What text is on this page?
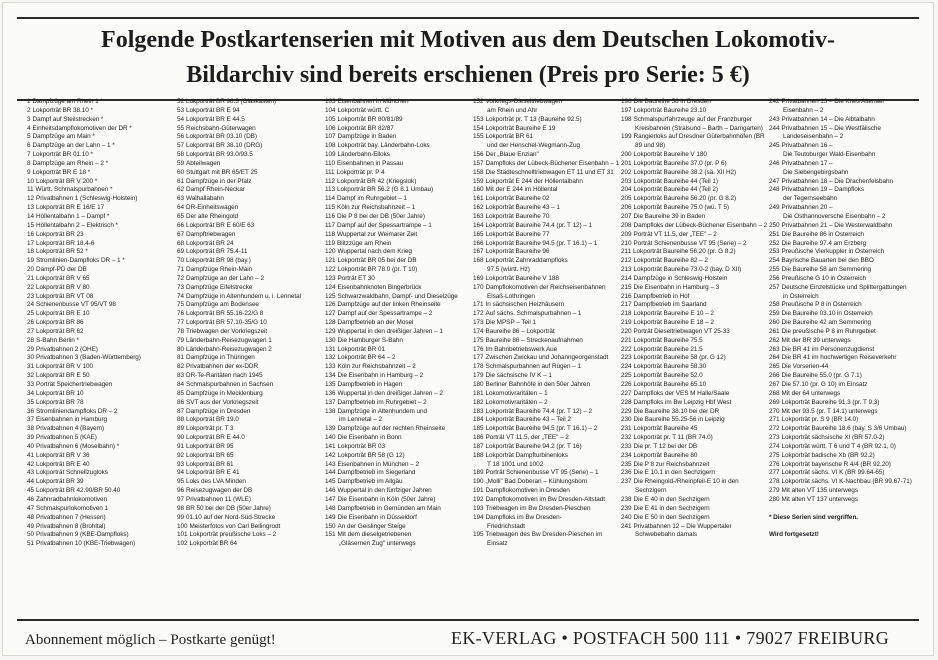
Folgende Postkartenserien mit Motiven aus dem Deutschen Lokomotiv-
Bildarchiv sind bereits erschienen (Preis pro Serie: 5 €)
1 Dampfzüge am Rhein 1 *
2 Lokporträt BR 38.10 *
3 Dampf auf Steilstrecken *
4 Einheitsdampflokomotiven der DR *
5 Dampfzüge am Main *
6 Dampfzüge an der Lahn – 1 *
7 Lokporträt BR 01.10 *
8 Dampfzüge am Rhein – 2 *
9 Lokporträt BR E 18 *
10 Lokporträt BR V 200 *
11 Württ. Schmalspurbahnen *
12 Privatbahnen 1 (Schleswig-Holstein)
13 Lokporträt BR E 16/E 17
14 Höllentalbahn 1 – Dampf *
15 Höllentalbahn 2 – Elektrisch *
16 Lokporträt BR 23
17 Lokporträt BR 18.4-6
18 Lokporträt BR 52 *
19 Stromlinien-Dampfloks DR – 1 *
20 Dampf-PD der DB
21 Lokporträt BR V 65
22 Lokporträt BR V 80
23 Lokporträt BR VT 08
24 Schienenbusse VT 95/VT 98
25 Lokporträt BR E 10
26 Lokporträt BR 86
27 Lokporträt BR 62
28 S-Bahn Berlin *
29 Privatbahnen 2 (OHE)
30 Privatbahnen 3 (Baden-Württemberg)
31 Lokporträt BR V 100
32 Lokporträt BR E 50
33 Porträt Speichertriebwagen
34 Lokporträt BR 10
35 Lokporträt BR 78
36 Stromliniendampfloks DR – 2
37 Eisenbahnen in Hamburg
38 Privatbahnen 4 (Bayern)
39 Privatbahnen 5 (KAE)
40 Privatbahnen 6 (Moselbahn) *
41 Lokporträt BR V 36
42 Lokporträt BR E 40
43 Lokporträt Schnellzugloks
44 Lokporträt BR 39
45 Lokporträt BR 42.90/BR 50.40
46 Zahnradbahnlokomotiven
47 Schmalspurlokomotiven 1
48 Privatbahnen 7 (Hessen)
49 Privatbahnen 8 (Brohltal)
50 Privatbahnen 9 (KBE-Dampfloks)
51 Privatbahnen 10 (KBE-Triebwagen)
52 Lokporträt BR 98.3 (Glaskasten)
53 Lokporträt BR E 94
54 Lokporträt BR E 44.5
55 Reichsbahn-Güterwagen
56 Lokporträt BR 03.10 (DB)
57 Lokporträt BR 38.10 (DRG)
58 Lokporträt BR 93.0/93.5
59 Abteilwagen
60 Stuttgart mit BR 65/ET 25
61 Dampfzüge in der Pfalz
62 Dampf Rhein-Neckar
63 Walhallabahn
64 DR-Einheitswagen
65 Der alte Rheingold
66 Lokporträt BR E 60/E 63
67 Dampftriebwagen
68 Lokporträt BR 24
69 Lokporträt BR 75.4-11
70 Lokporträt BR 98 (bay.)
71 Dampfzüge Rhein-Main
72 Dampfzüge an der Lahn – 2
73 Dampfzüge Eifelstrecke
74 Dampfzüge in Altenhundem u. i. Lennetal
75 Dampfzüge am Bodensee
76 Lokporträt BR 55.16-22/G 8
77 Lokporträt BR 57.10-35/G 10
78 Triebwagen der Vorkriegszeit
79 Länderbahn-Reisezugwagen 1
80 Länderbahn-Reisezugwagen 2
81 Dampfzüge in Thüringen
82 Privatbahnen der ex-DDR
83 DR-Te-Raritäten nach 1945
84 Schmalspurbahnen in Sachsen
85 Dampfzüge in Mecklenburg
86 SVT aus der Vorkriegszeit
87 Dampfzüge in Dresden
88 Lokporträt BR 19.0
89 Lokporträt pr. T 3
90 Lokporträt BR E 44.0
91 Lokporträt BR 95
92 Lokporträt BR 65
93 Lokporträt BR 61
94 Lokporträt BR E 41
95 Loks des LVA Minden
96 Reisezugwagen der DB
97 Privatbahnen 11 (WLE)
98 BR 50 bei der DB (50er Jahre)
99 01.10 auf der Nord-Süd-Strecke
100 Meisterfotos von Carl Bellingrodt
101 Lokporträt preußische Loks – 2
102 Lokporträt BR 64
103 Eisenbahnen in München
104 Lokporträt württ. C
105 Lokporträt BR 80/81/89
106 Lokporträt BR 82/87
107 Dampfzüge in Baden
108 Lokporträt bay. Länderbahn-Loks
109 Länderbahn-Elloks
110 Eisenbahnen in Passau
111 Lokporträt pr. P 4
112 Lokporträt BR 42 (Kriegslok)
113 Lokporträt BR 56.2 (G 8.1 Umbau)
114 Dampf im Ruhrgebiet – 1
115 Köln zur Reichsbahnzeit – 1
116 Die P 8 bei der DB (50er Jahre)
117 Dampf auf der Spessartrampe – 1
118 Wuppertal zur Weimarer Zeit
119 Blitzzüge am Rhein
120 Wuppertal nach dem Krieg
121 Lokporträt BR 05 bei der DB
122 Lokporträt BR 78.0 (pr. T 10)
123 Porträt ET 30
124 Eisenbahnknoten Bingerbrück
125 Schwarzwaldbahn, Dampf- und Dieselzüge
126 Dampfzüge auf der linken Rheinseite
127 Dampf auf der Spessartrampe – 2
128 Dampfbetrieb an der Mosel
129 Wuppertal in den dreißiger Jahren – 1
130 Die Hamburger S-Bahn
131 Lokporträt BR 01
132 Lokporträt BR 64 – 2
133 Köln zur Reichsbahnzeit – 2
134 Die Eisenbahn in Hamburg – 2
135 Dampfbetrieb in Hagen
136 Wuppertal in den dreißiger Jahren – 2
137 Dampfbetrieb im Ruhrgebiet – 2
138 Dampfzüge in Altenhundem und
im Lennetal – 2
139 Dampfzüge auf der rechten Rheinseite
140 Die Eisenbahn in Bonn
141 Lokporträt BR 03
142 Lokporträt BR 58 (G 12)
143 Eisenbahnen in München – 2
144 Dampfbetrieb im Siegerland
145 Dampfbetrieb im Allgäu
146 Wuppertal in den fünfziger Jahren
147 Die Eisenbahn in Köln (50er Jahre)
148 Dampfbetrieb in Gemünden am Main
149 Die Eisenbahn in Düsseldorf
150 An der Geislinger Steige
151 Mit dem dieselgetriebenen
„Gläsernen Zug" unterwegs
152 Vorkriegs-Dieseltriebwagen
am Rhein und Ahr
153 Lokporträt pr. T 13 (Baureihe 92.5)
154 Lokporträt Baureihe E 19
155 Lokporträt BR 61
und der Henschel-Wegmann-Zug
156 Der „Blaue Enzian"
157 Dampfloks der Lübeck-Büchener Eisenbahn – 1
158 Die Städteschnelltriebwagen ET 11 und ET 31
159 Lokporträt E 244 der Höllentalbahn
160 Mit der E 244 im Höllental
161 Lokporträt Baureihe 02
162 Lokporträt Baureihe 43 – 1
163 Lokporträt Baureihe 70
164 Lokporträt Baureihe 74.4 (pr. T 12) – 1
165 Lokporträt Baureihe 77
166 Lokporträt Baureihe 94.5 (pr. T 16.1) – 1
167 Lokporträt Baureihe 96
168 Lokporträt Zahnraddampfloks
97.5 (württ. Hz)
169 Lokporträt Baureihe V 188
170 Dampflokomotiven der Reichseisenbahnen
Elsaß-Lothringen
171 In sächsischen Heizhäusern
172 Auf sächs. Schmalspurbahnen – 1
173 Die MPSP – Teil 1
174 Baureihe 86 – Lokporträt
175 Baureihe 86 – Streckenaufnahmen
176 Im Bahnbetriebswerk Aue
177 Zwischen Zwickau und Johanngeorgenstadt
178 Schmalspurbahnen auf Rügen – 1
179 Die sächsische IV K – 1
180 Berliner Bahnhöfe in den 50er Jahren
181 Lokomotivraritäten – 1
182 Lokomotivraritäten – 2
183 Lokporträt Baureihe 74.4 (pr. T 12) – 2
184 Lokporträt Baureihe 43 – Teil 2
185 Lokporträt Baureihe 94.5 (pr. T 16.1) – 2
186 Porträt VT 11.5, der „TEE" – 2
187 Lokporträt Baureihe 94.2 (pr. T 16)
188 Lokporträt Dampfturbinenloks
T 18 1001 und 1002
189 Porträt Schienenbusse VT 95 (Serie) – 1
190 „Molli" Bad Doberan – Kühlungsborn
191 Dampflokomotiven in Dresden
192 Dampflokomotiven im Bw Dresden-Altstadt
193 Triebwagen im Bw Dresden-Pieschen
194 Dampfloks im Bw Dresden-
Friedrichstadt
195 Triebwagen des Bw Dresden-Pieschen im
Einsatz
196 Die Baureihe 58 in Dresden
197 Lokporträt Baureihe 23.10
198 Schmalspurfahrzeuge auf der Franzburger
Kreisbahnen (Stralsund – Barth – Damgarten)
199 Rangierloks auf Dresdner Güterbahnhöfen (BR
89 und 98)
200 Lokporträt Baureihe V 180
201 Lokporträt Baureihe 37.0 (pr. P 6)
202 Lokporträt Baureihe 38.2 (sä. XII H2)
203 Lokporträt Baureihe 44 (Teil 1)
204 Lokporträt Baureihe 44 (Teil 2)
205 Lokporträt Baureihe 56.20 (pr. G 8.2)
206 Lokporträt Baureihe 75.0 (wü. T 5)
207 Die Baureihe 39 in Baden
208 Dampfloks der Lübeck-Büchener Eisenbahn – 2
209 Porträt VT 11.5, der „TEE" – 2
210 Porträt Schienenbusse VT 95 (Serie) – 2
211 Lokporträt Baureihe 56.20 (pr. G 8.2)
212 Lokporträt Baureihe 82 – 2
213 Lokporträt Baureihe 73.0-2 (bay. D XII)
214 Dampfzüge in Schleswig-Holstein
215 Die Eisenbahn in Hamburg – 3
216 Dampfbetrieb in Hof
217 Dampfbetrieb im Saarland
218 Lokporträt Baureihe E 10 – 2
219 Lokporträt Baureihe E 18 – 2
220 Porträt Dieseltriebwagen VT 25-33
221 Lokporträt Baureihe 75.5
222 Lokporträt Baureihe 21.5
223 Lokporträt Baureihe 58 (pr. G 12)
224 Lokporträt Baureihe 58.30
225 Lokporträt Baureihe 52.0
226 Lokporträt Baureihe 65.10
227 Dampfloks der VES M Halle/Saale
228 Dampfloks im Bw Leipzig Hbf West
229 Die Baureihe 38.10 bei der DR
230 Die Baureihe 55.25-56 in Leipzig
231 Lokporträt Baureihe 45
232 Lokporträt pr. T 11 (BR 74.0)
233 Die pr. T 12 bei der DB
234 Lokporträt Baureihe 80
235 Die P 8 zur Reichsbahnzeit
236 Die E 10.1 in den Sechzigern
237 Die Rheingold-/Rheinpfeil-E 10 in den
Sechzigern
238 Die E 40 in den Sechzigern
239 Die E 41 in den Sechzigern
240 Die E 50 in den Sechzigern
241 Privatbahnen 12 – Die Wuppertaler
Schwebebahn damals
242 Privatbahnen 13 – Die Kreis Altenaer
Eisenbahn – 2
243 Privatbahnen 14 – Die Albtalbahn
244 Privatbahnen 15 – Die Westfälische
Landeseisenbahn – 2
245 Privatbahnen 16 –
Die Teutoburger Wald-Eisenbahn
246 Privatbahnen 17 –
Die Siebengebirgsbahn
247 Privatbahnen 18 – Die Drachenfelsbahn
248 Privatbahnen 19 – Dampfloks
der Tegernseebahn
249 Privatbahnen 20 –
Die Osthannoversche Eisenbahn – 2
250 Privatbahnen 21 – Die Westerwaldbahn
251 Die Baureihe 86 in Österreich
252 Die Baureihe 97.4 am Erzberg
253 Preußische Vierkuppler in Österreich
254 Bayrische Bauarten bei den BBÖ
255 Die Baureihe 58 am Semmering
256 Preußische G 10 in Österreich
257 Deutsche Einzelstücke und Splittergattungen
in Österreich
258 Preußische P 8 in Österreich
259 Die Baureihe 03.10 in Österreich
260 Die Baureihe 42 am Semmering
261 Die preußische P 8 im Ruhrgebiet
262 Mit der BR 39 unterwegs
263 Die BR 41 im Personenzugdienst
264 Die BR 41 im hochwertigen Reiseverkehr
265 Die Vorserien-44
266 Die Baureihe 55.0 (pr. G 7.1)
267 Die 57.10 (pr. G 10) im Einsatz
268 Mit der 64 unterwegs
269 Lokporträt Baureihe 91.3 (pr. T 9.3)
270 Mit der 93.5 (pr. T 14.1) unterwegs
271 Lokporträt pr. S 9 (BR 14.0)
272 Lokporträt Baureihe 18.6 (bay. S 3/6 Umbau)
273 Lokporträt sächsische XI (BR 57.0-2)
274 Lokporträt württ. T 6 und T 4 (BR 92.1, 0)
275 Lokporträt badische Xb (BR 92.2)
276 Lokporträt bayerische R 4/4 (BR 92.20)
277 Lokporträt sächs. VI K (BR 99.64-65)
278 Lokporträt sächs. VI K-Nachbau (BR 99.67-71)
279 Mit alten VT 135 unterwegs
280 Mit alten VT 137 unterwegs
* Diese Serien sind vergriffen.
Wird fortgesetzt!
Abonnement möglich – Postkarte genügt!	EK-VERLAG • POSTFACH 500 111 • 79027 FREIBURG
